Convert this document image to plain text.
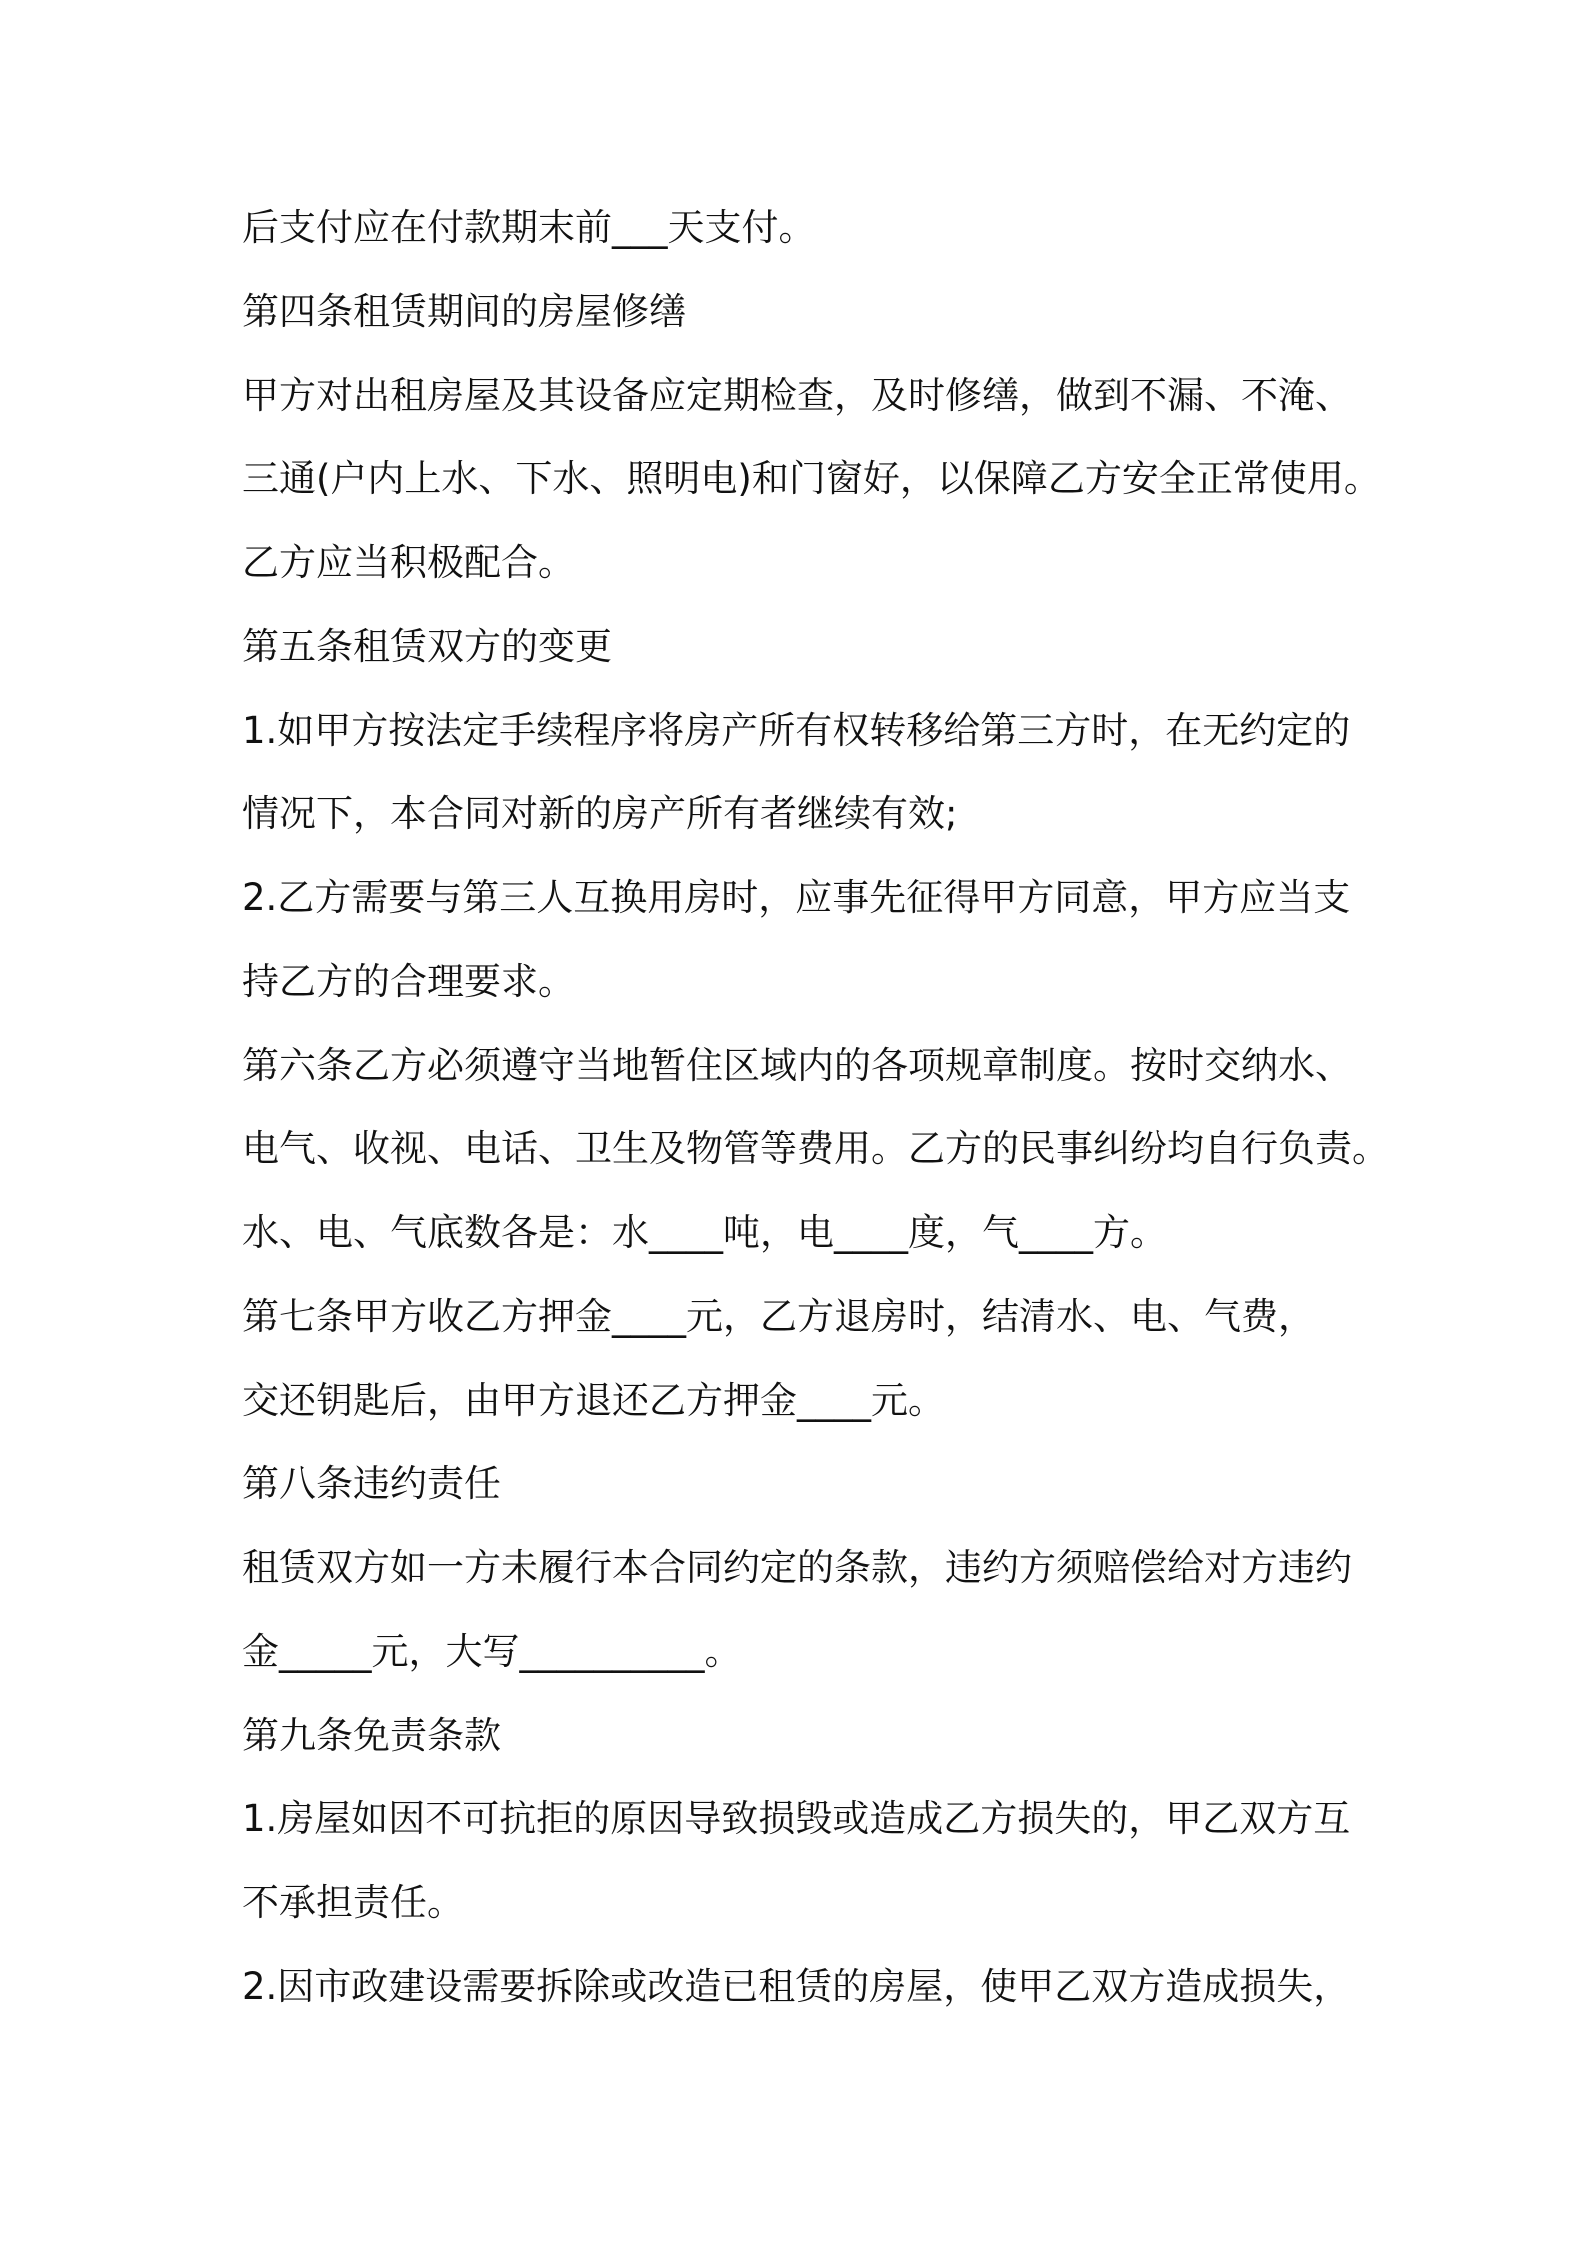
后支付应在付款期末前___天支付。
第四条租赁期间的房屋修缮
甲方对出租房屋及其设备应定期检查，及时修缮，做到不漏、不淹、
三通(户内上水、下水、照明电)和门窗好，以保障乙方安全正常使用。
乙方应当积极配合。
第五条租赁双方的变更
1.如甲方按法定手续程序将房产所有权转移给第三方时，在无约定的
情况下，本合同对新的房产所有者继续有效;
2.乙方需要与第三人互换用房时，应事先征得甲方同意，甲方应当支
持乙方的合理要求。
第六条乙方必须遵守当地暂住区域内的各项规章制度。按时交纳水、
电气、收视、电话、卫生及物管等费用。乙方的民事纠纷均自行负责。
水、电、气底数各是：水____吨，电____度，气____方。
第七条甲方收乙方押金____元，乙方退房时，结清水、电、气费，
交还钥匙后，由甲方退还乙方押金____元。
第八条违约责任
租赁双方如一方未履行本合同约定的条款，违约方须赔偿给对方违约
金_____元，大写__________。
第九条免责条款
1.房屋如因不可抗拒的原因导致损毁或造成乙方损失的，甲乙双方互
不承担责任。
2.因市政建设需要拆除或改造已租赁的房屋，使甲乙双方造成损失，
